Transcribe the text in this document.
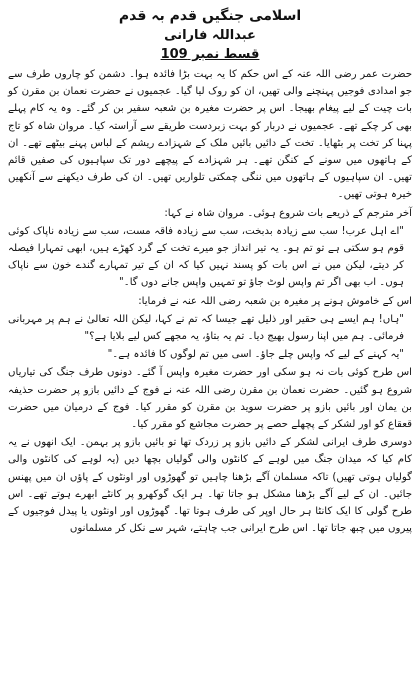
اسلامی جنگیں قدم بہ قدم
عبداللہ فارانی
قسط نمبر 109

حضرت عمر رضی اللہ عنہ کے اس حکم کا یہ بہت بڑا فائدہ ہوا۔ دشمن کو چاروں طرف سے جو امدادی فوجیں پہنچنے والی تھیں، ان کو روک لیا گیا۔ عجمیوں نے حضرت نعمان بن مقرن کو بات چیت کے لیے پیغام بھیجا۔ اس پر حضرت مغیرہ بن شعبہ سفیر بن کر گئے۔ وہ یہ کام پہلے بھی کر چکے تھے۔ عجمیوں نے دربار کو بہت زبردست طریقے سے آراستہ کیا۔ مروان شاہ کو تاج پہنا کر تخت پر بٹھایا۔ تخت کے دائیں بائیں ملک کے شہزادے ریشم کے لباس پہنے بیٹھے تھے۔ ان کے ہاتھوں میں سونے کے کنگن تھے۔ ہر شہزادے کے پیچھے دور تک سپاہیوں کی صفیں قائم تھیں۔ ان سپاہیوں کے ہاتھوں میں ننگی چمکتی تلواریں تھیں۔ ان کی طرف دیکھنے سے آنکھیں خیرہ ہوتی تھیں۔

آخر مترجم کے ذریعے بات شروع ہوئی۔ مروان شاہ نے کہا:

"اے اہل عرب! سب سے زیادہ بدبخت، سب سے زیادہ فاقہ مست، سب سے زیادہ ناپاک کوئی قوم ہو سکتی ہے تو تم ہو۔ یہ تیر انداز جو میرے تخت کے گرد کھڑے ہیں، ابھی تمہارا فیصلہ کر دیتے، لیکن میں نے اس بات کو پسند نہیں کیا کہ ان کے تیر تمہارے گندے خون سے ناپاک ہوں۔ اب بھی اگر تم واپس لوٹ جاؤ تو تمہیں واپس جانے دوں گا۔"

اس کے خاموش ہونے پر مغیرہ بن شعبہ رضی اللہ عنہ نے فرمایا:

"ہاں! ہم ایسے ہی حقیر اور ذلیل تھے جیسا کہ تم نے کہا، لیکن اللہ تعالیٰ نے ہم پر مہربانی فرمائی۔ ہم میں اپنا رسول بھیج دیا۔ تم یہ بتاؤ، یہ مجھے کس لیے بلایا ہے؟"

"یہ کہنے کے لیے کہ واپس چلے جاؤ۔ اسی میں تم لوگوں کا فائدہ ہے۔"

اس طرح کوئی بات نہ ہو سکی اور حضرت مغیرہ واپس آ گئے۔ دونوں طرف جنگ کی تیاریاں شروع ہو گئیں۔ حضرت نعمان بن مقرن رضی اللہ عنہ نے فوج کے دائیں بازو پر حضرت حذیفہ بن یمان اور بائیں بازو پر حضرت سوید بن مقرن کو مقرر کیا۔ فوج کے درمیان میں حضرت قعقاع کو اور لشکر کے پچھلے حصے پر حضرت مجاشع کو مقرر کیا۔

دوسری طرف ایرانی لشکر کے دائیں بازو پر زردک تھا تو بائیں بازو پر بہمن۔ ایک انھوں نے یہ کام کیا کہ میدان جنگ میں لوہے کے کانٹوں والی گولیاں بچھا دیں (یہ لوہے کی کانٹوں والی گولیاں ہوتی تھیں) تاکہ مسلمان آگے بڑھنا چاہیں تو گھوڑوں اور اونٹوں کے پاؤں ان میں پھنس جائیں۔ ان کے لیے آگے بڑھنا مشکل ہو جاتا تھا۔ ہر ایک گوکھرو پر کانٹے ابھرے ہوتے تھے۔ اس طرح گولی کا ایک کانٹا ہر حال اوپر کی طرف ہوتا تھا۔ گھوڑوں اور اونٹوں یا پیدل فوجیوں کے پیروں میں چبھ جاتا تھا۔ اس طرح ایرانی جب چاہتے، شہر سے نکل کر مسلمانوں
